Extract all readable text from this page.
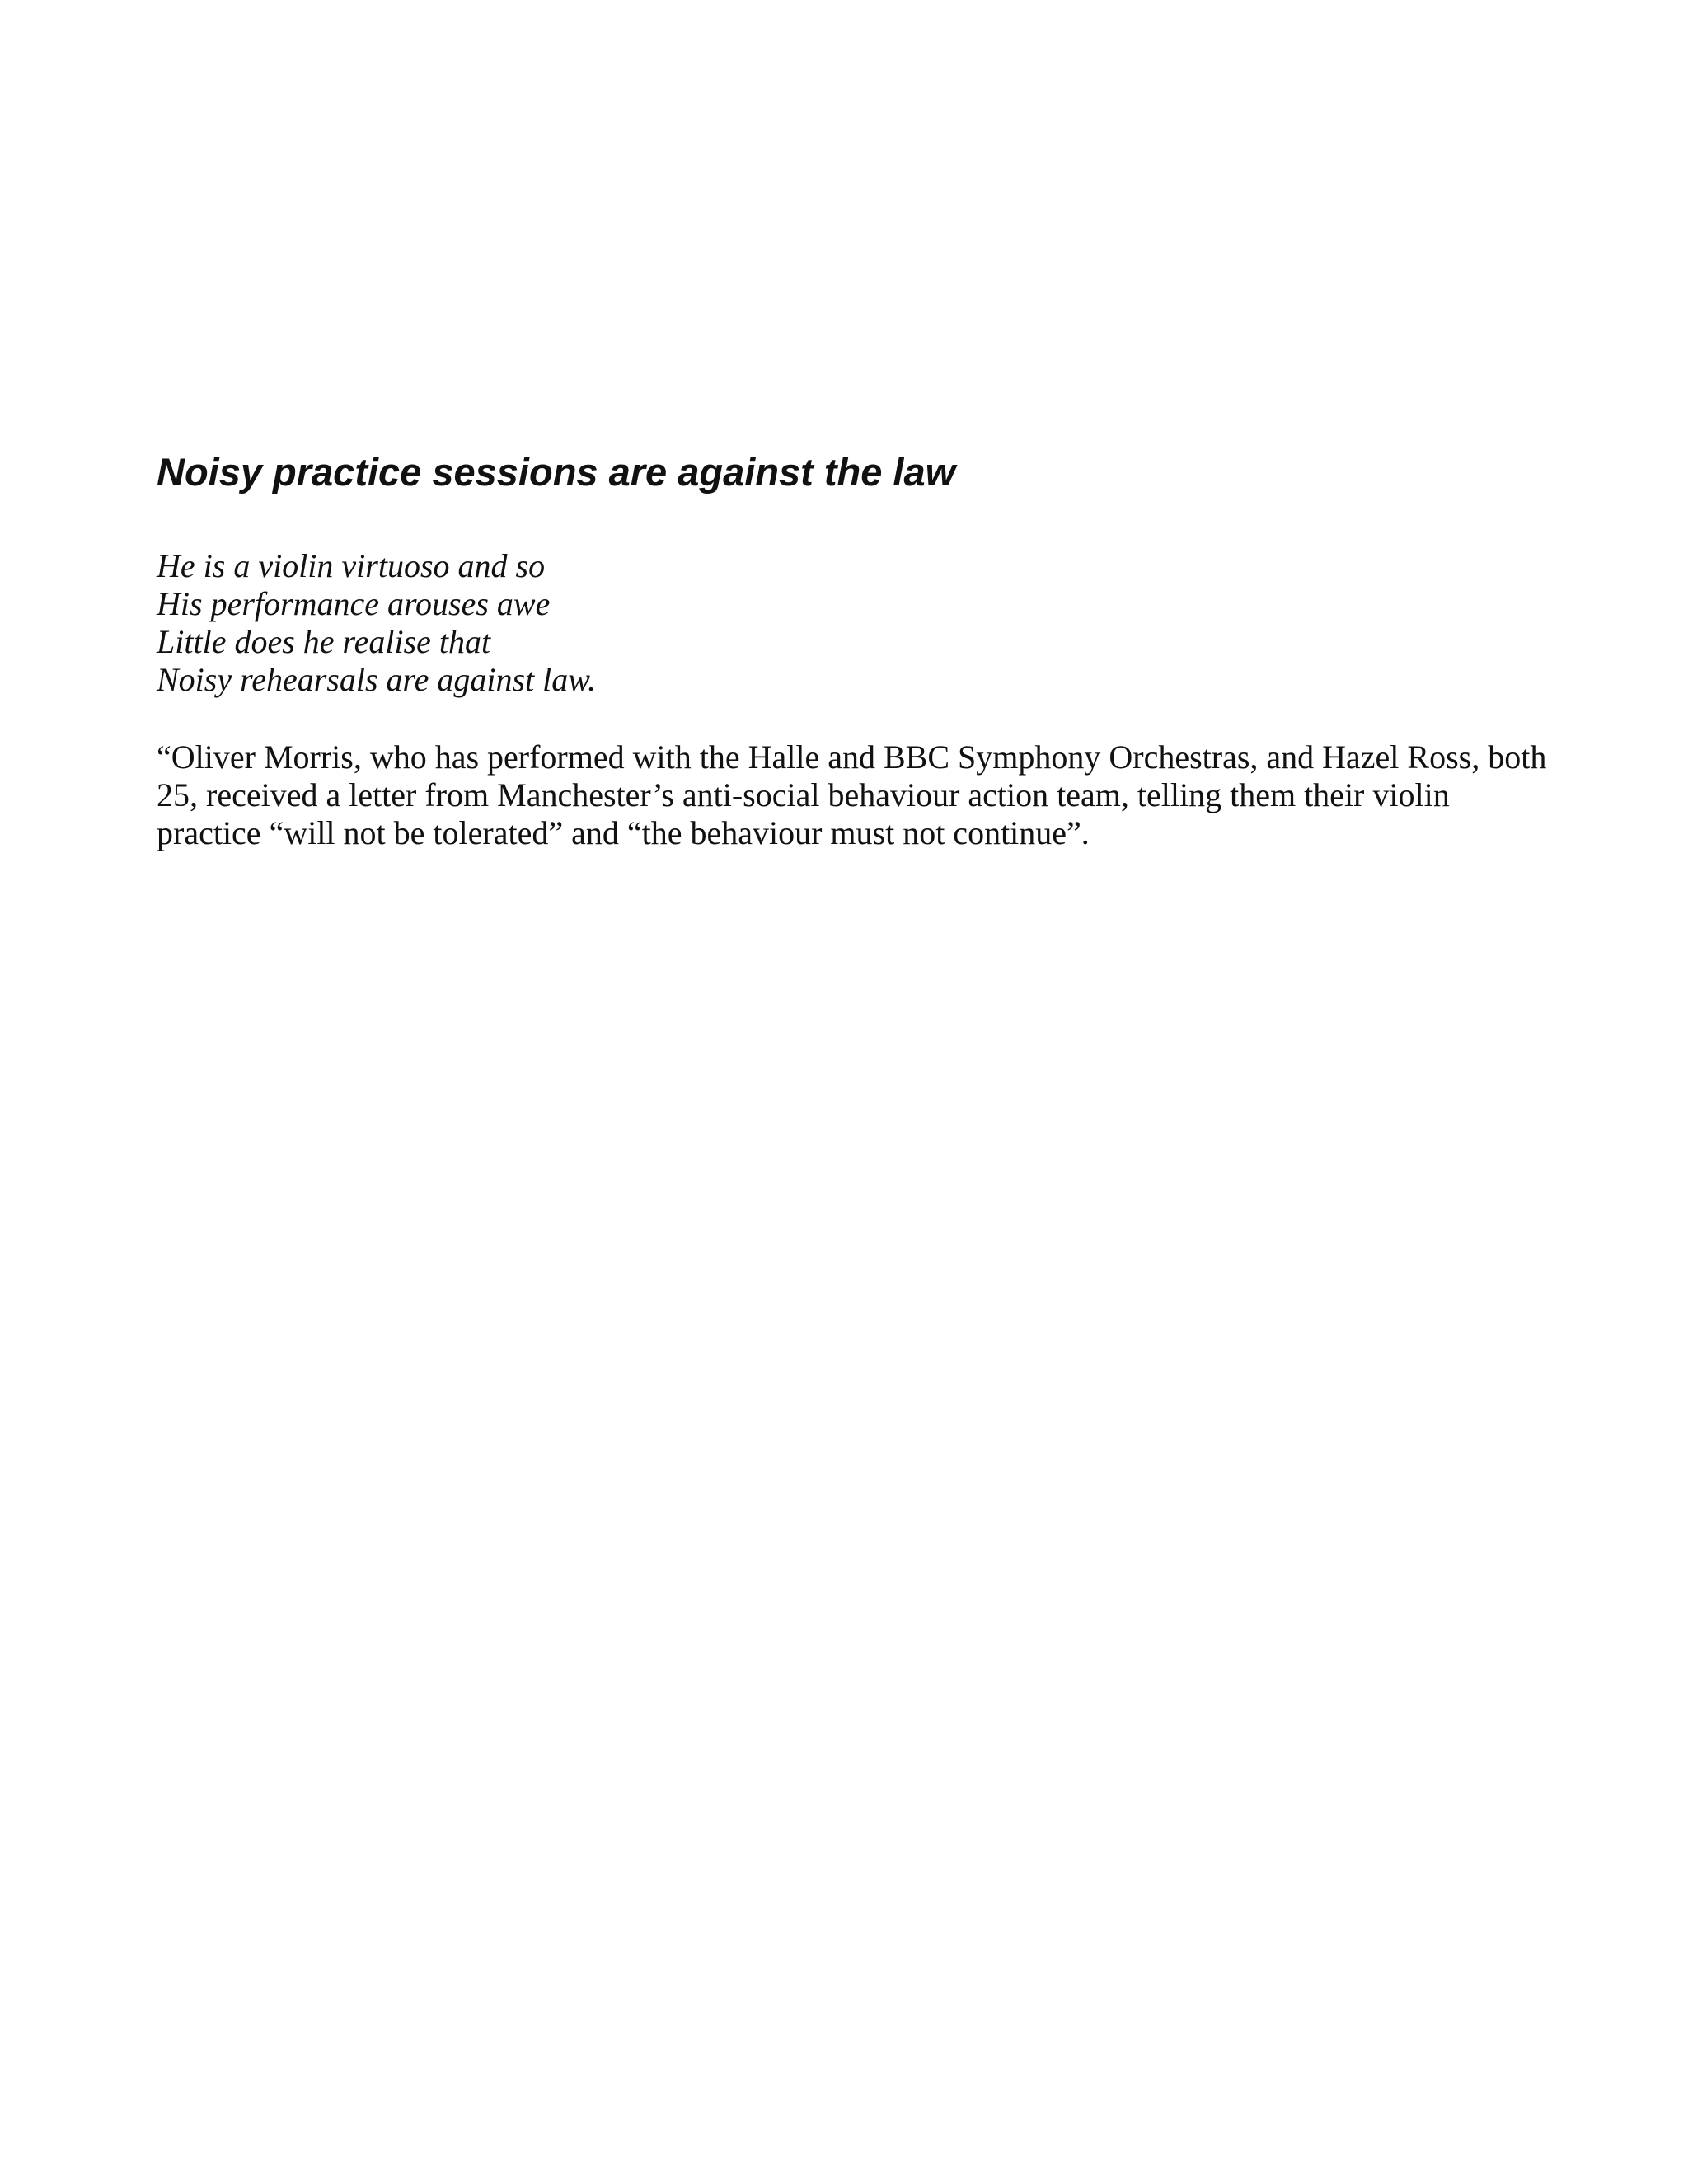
Noisy practice sessions are against the law
He is a violin virtuoso and so
His performance arouses awe
Little does he realise that
Noisy rehearsals are against law.

“Oliver Morris, who has performed with the Halle and BBC Symphony Orchestras, and Hazel Ross, both 25, received a letter from Manchester’s anti-social behaviour action team, telling them their violin practice “will not be tolerated” and “the behaviour must not continue”.
